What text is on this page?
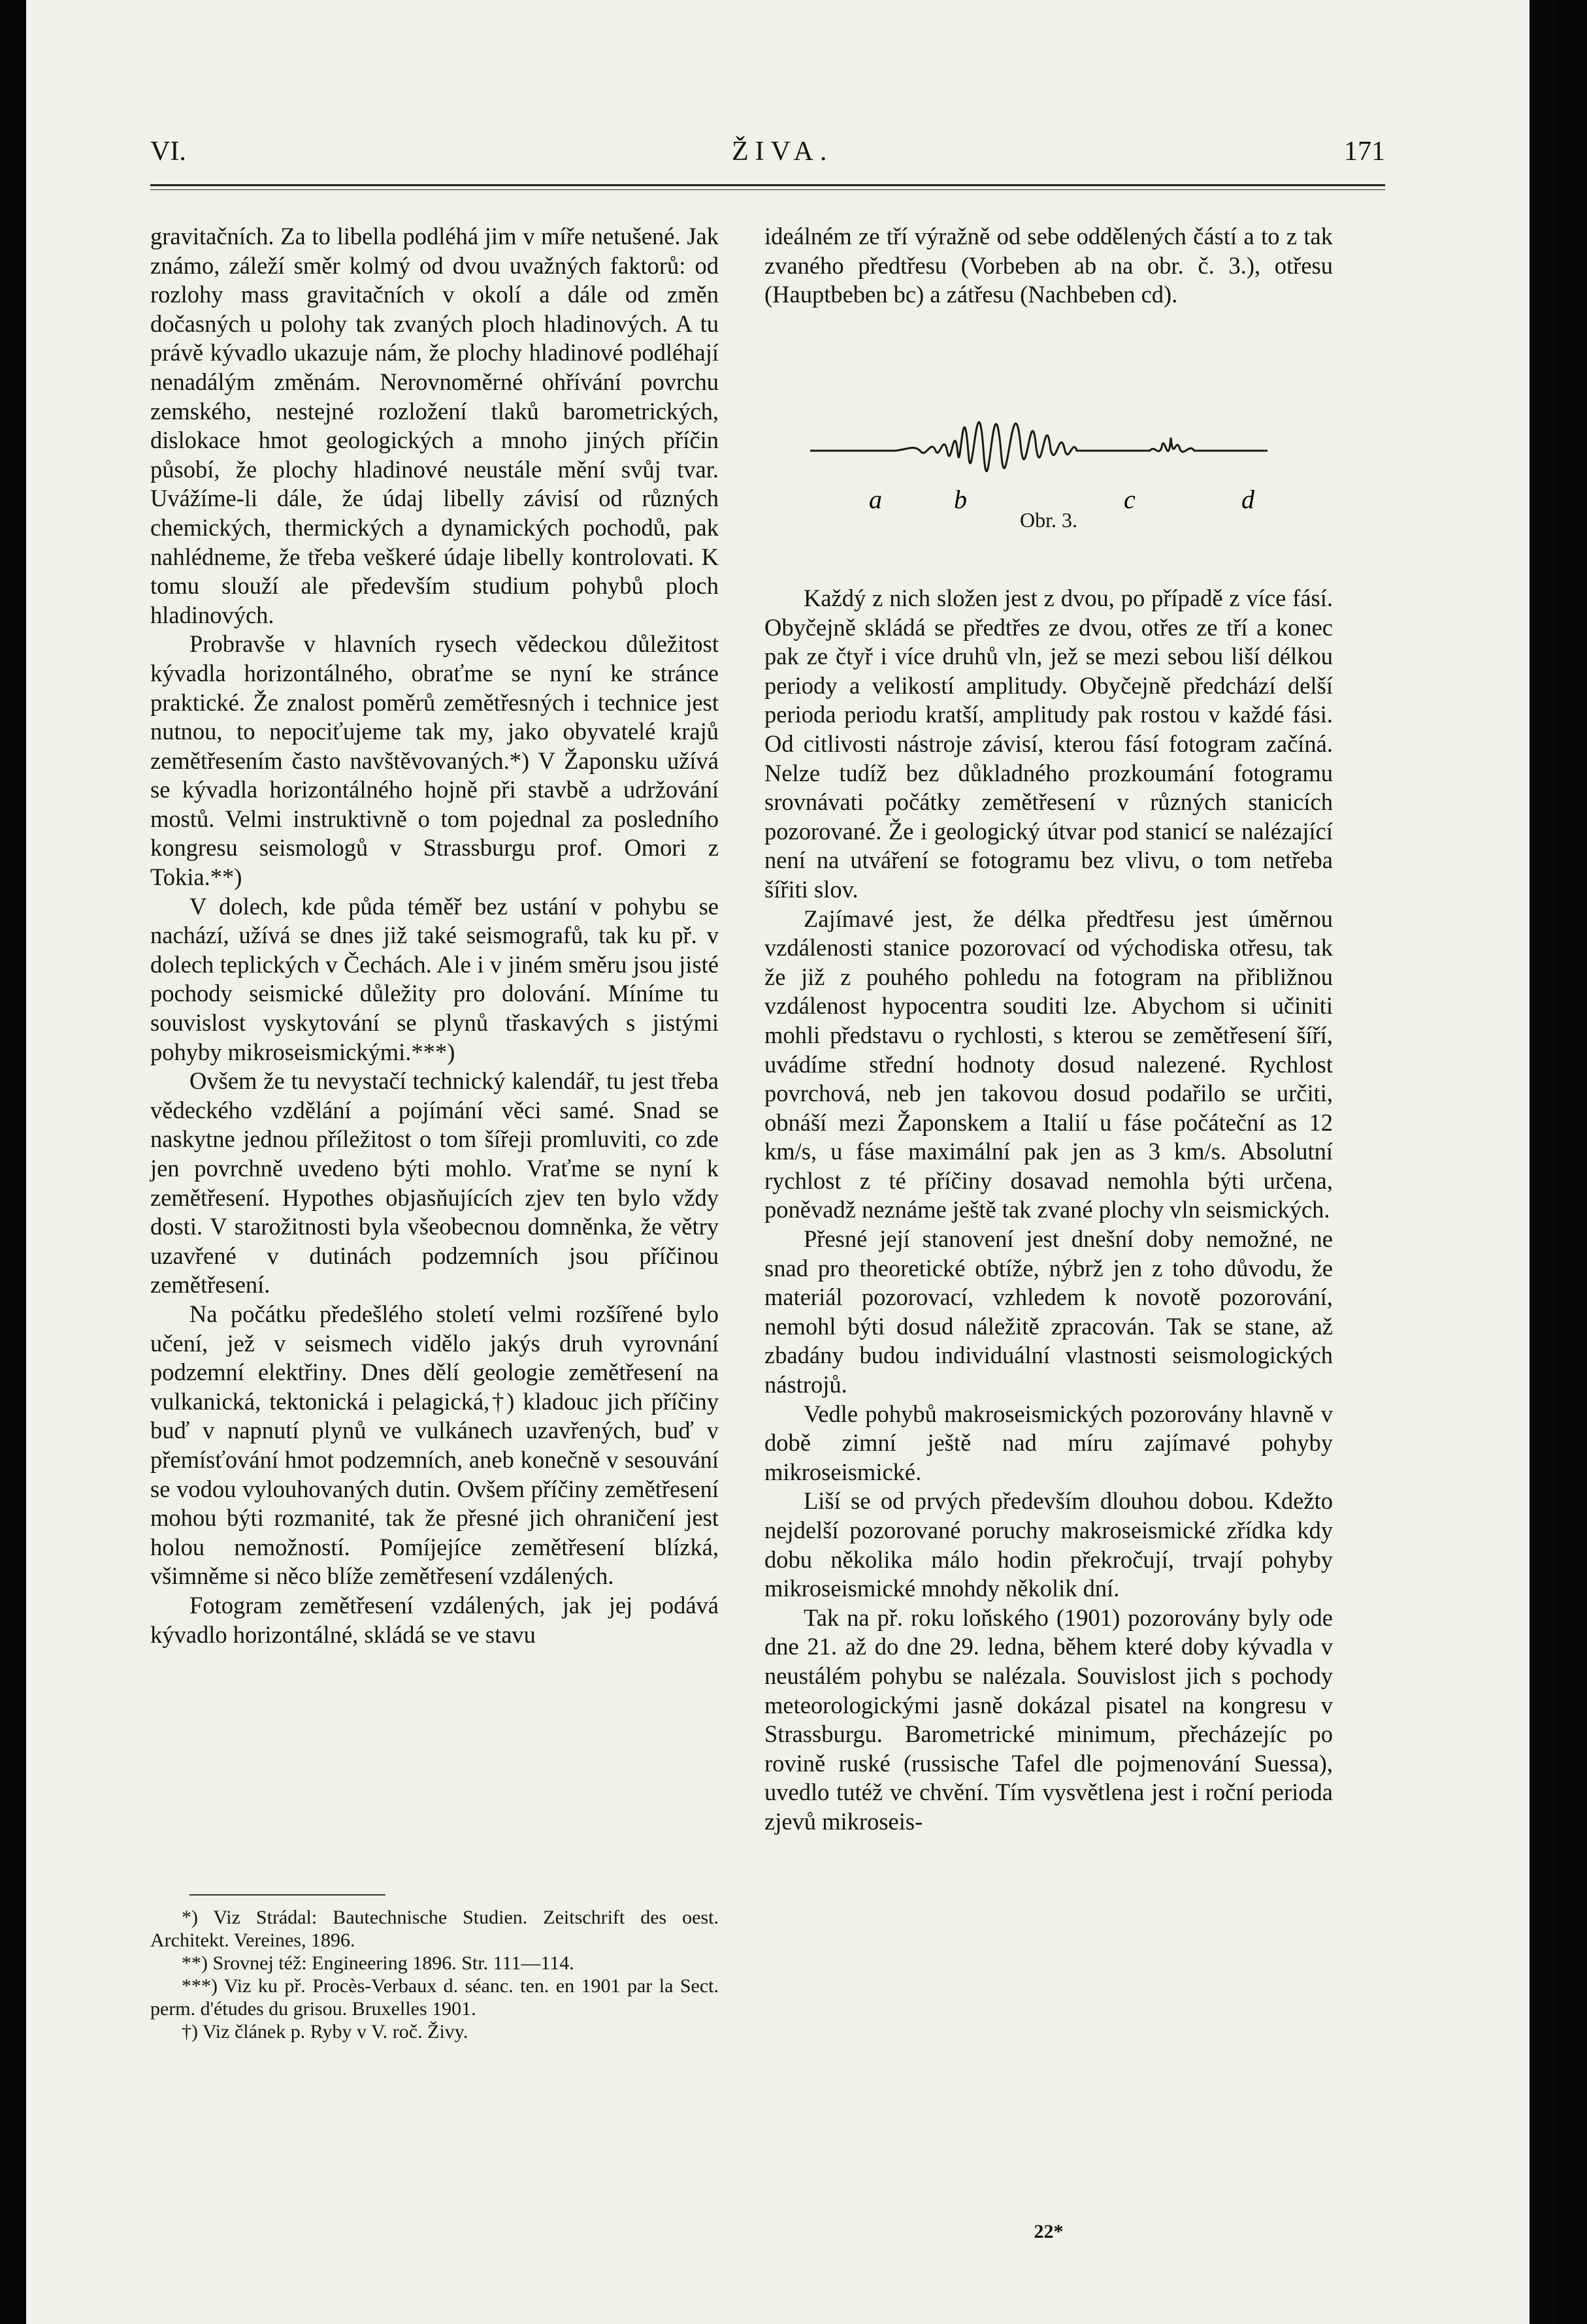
VI.	ŽIVA.	171

gravitačních. Za to libella podléhá jim v míře netušené. Jak známo, záleží směr kolmý od dvou uvažných faktorů: od rozlohy mass gravitačních v okolí a dále od změn dočasných u polohy tak zvaných ploch hladinových. A tu právě kývadlo ukazuje nám, že plochy hladinové podléhají nenadálým změnám. Nerovnoměrné ohřívání povrchu zemského, nestejné rozložení tlaků barometrických, dislokace hmot geologických a mnoho jiných příčin působí, že plochy hladinové neustále mění svůj tvar. Uvážíme-li dále, že údaj libelly závisí od různých chemických, thermických a dynamických pochodů, pak nahlédneme, že třeba veškeré údaje libelly kontrolovati. K tomu slouží ale především studium pohybů ploch hladinových.

Probravše v hlavních rysech vědeckou důležitost kývadla horizontálného, obraťme se nyní ke stránce praktické. Že znalost poměrů zemětřesných i technice jest nutnou, to nepociťujeme tak my, jako obyvatelé krajů zemětřesením často navštěvovaných.*) V Žaponsku užívá se kývadla horizontálného hojně při stavbě a udržování mostů. Velmi instruktivně o tom pojednal za posledního kongresu seismologů v Strassburgu prof. Omori z Tokia.**)

V dolech, kde půda téměř bez ustání v pohybu se nachází, užívá se dnes již také seismografů, tak ku př. v dolech teplických v Čechách. Ale i v jiném směru jsou jisté pochody seismické důležity pro dolování. Míníme tu souvislost vyskytování se plynů třaskavých s jistými pohyby mikroseismickými.***)

Ovšem že tu nevystačí technický kalendář, tu jest třeba vědeckého vzdělání a pojímání věci samé. Snad se naskytne jednou příležitost o tom šířeji promluviti, co zde jen povrchně uvedeno býti mohlo. Vraťme se nyní k zemětřesení. Hypothes objasňujících zjev ten bylo vždy dosti. V starožitnosti byla všeobecnou domněnka, že větry uzavřené v dutinách podzemních jsou příčinou zemětřesení.

Na počátku předešlého století velmi rozšířené bylo učení, jež v seismech vidělo jakýs druh vyrovnání podzemní elektřiny. Dnes dělí geologie zemětřesení na vulkanická, tektonická i pelagická,†) kladouc jich příčiny buď v napnutí plynů ve vulkánech uzavřených, buď v přemísťování hmot podzemních, aneb konečně v sesouvání se vodou vylouhovaných dutin. Ovšem příčiny zemětřesení mohou býti rozmanité, tak že přesné jich ohraničení jest holou nemožností. Pomíjejíce zemětřesení blízká, všimněme si něco blíže zemětřesení vzdálených.

Fotogram zemětřesení vzdálených, jak jej podává kývadlo horizontálné, skládá se ve stavu

*) Viz Strádal: Bautechnische Studien. Zeitschrift des oest. Architekt. Vereines, 1896.

**) Srovnej též: Engineering 1896. Str. 111—114.

***) Viz ku př. Procès-Verbaux d. séanc. ten. en 1901 par la Sect. perm. d'études du grisou. Bruxelles 1901.

†) Viz článek p. Ryby v V. roč. Živy.

ideálném ze tří výražně od sebe oddělených částí a to z tak zvaného předtřesu (Vorbeben ab na obr. č. 3.), otřesu (Hauptbeben bc) a zátřesu (Nachbeben cd).

a	b	c	d
Obr. 3.

Každý z nich složen jest z dvou, po případě z více fásí. Obyčejně skládá se předtřes ze dvou, otřes ze tří a konec pak ze čtyř i více druhů vln, jež se mezi sebou liší délkou periody a velikostí amplitudy. Obyčejně předchází delší perioda periodu kratší, amplitudy pak rostou v každé fási. Od citlivosti nástroje závisí, kterou fásí fotogram začíná. Nelze tudíž bez důkladného prozkoumání fotogramu srovnávati počátky zemětřesení v různých stanicích pozorované. Že i geologický útvar pod stanicí se nalézající není na utváření se fotogramu bez vlivu, o tom netřeba šířiti slov.

Zajímavé jest, že délka předtřesu jest úměrnou vzdálenosti stanice pozorovací od východiska otřesu, tak že již z pouhého pohledu na fotogram na přibližnou vzdálenost hypocentra souditi lze. Abychom si učiniti mohli představu o rychlosti, s kterou se zemětřesení šíří, uvádíme střední hodnoty dosud nalezené. Rychlost povrchová, neb jen takovou dosud podařilo se určiti, obnáší mezi Žaponskem a Italií u fáse počáteční as 12 km/s, u fáse maximální pak jen as 3 km/s. Absolutní rychlost z té příčiny dosavad nemohla býti určena, poněvadž neznáme ještě tak zvané plochy vln seismických.

Přesné její stanovení jest dnešní doby nemožné, ne snad pro theoretické obtíže, nýbrž jen z toho důvodu, že materiál pozorovací, vzhledem k novotě pozorování, nemohl býti dosud náležitě zpracován. Tak se stane, až zbadány budou individuální vlastnosti seismologických nástrojů.

Vedle pohybů makroseismických pozorovány hlavně v době zimní ještě nad míru zajímavé pohyby mikroseismické.

Liší se od prvých především dlouhou dobou. Kdežto nejdelší pozorované poruchy makroseismické zřídka kdy dobu několika málo hodin překročují, trvají pohyby mikroseismické mnohdy několik dní.

Tak na př. roku loňského (1901) pozorovány byly ode dne 21. až do dne 29. ledna, během které doby kývadla v neustálém pohybu se nalézala. Souvislost jich s pochody meteorologickými jasně dokázal pisatel na kongresu v Strassburgu. Barometrické minimum, přecházejíc po rovině ruské (russische Tafel dle pojmenování Suessa), uvedlo tutéž ve chvění. Tím vysvětlena jest i roční perioda zjevů mikroseis-

22*
